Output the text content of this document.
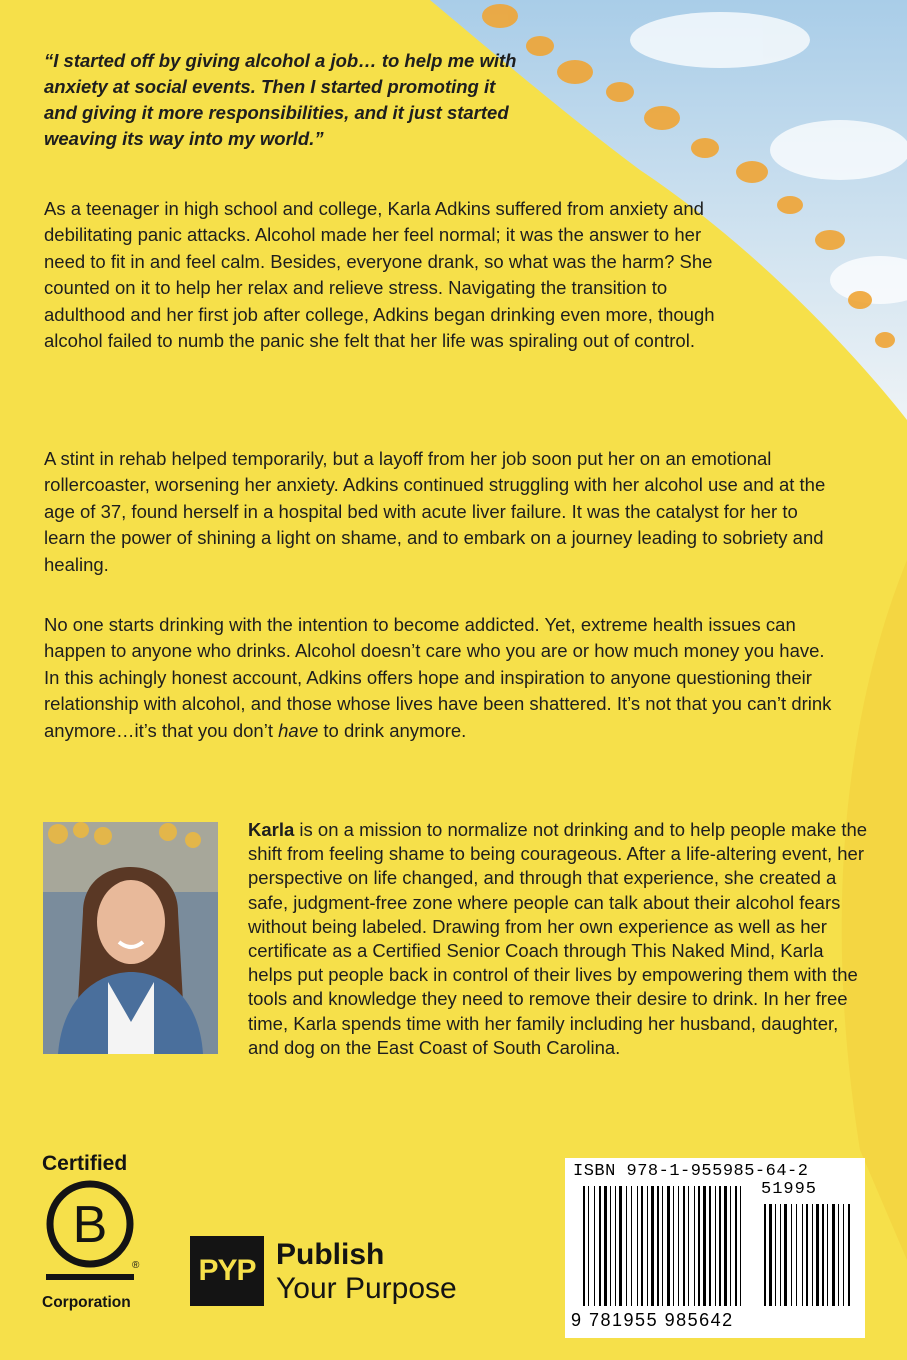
“I started off by giving alcohol a job… to help me with anxiety at social events. Then I started promoting it and giving it more responsibilities, and it just started weaving its way into my world.”

As a teenager in high school and college, Karla Adkins suffered from anxiety and debilitating panic attacks. Alcohol made her feel normal; it was the answer to her need to fit in and feel calm. Besides, everyone drank, so what was the harm? She counted on it to help her relax and relieve stress. Navigating the transition to adulthood and her first job after college, Adkins began drinking even more, though alcohol failed to numb the panic she felt that her life was spiraling out of control.

A stint in rehab helped temporarily, but a layoff from her job soon put her on an emotional rollercoaster, worsening her anxiety. Adkins continued struggling with her alcohol use and at the age of 37, found herself in a hospital bed with acute liver failure. It was the catalyst for her to learn the power of shining a light on shame, and to embark on a journey leading to sobriety and healing.

No one starts drinking with the intention to become addicted. Yet, extreme health issues can happen to anyone who drinks. Alcohol doesn’t care who you are or how much money you have. In this achingly honest account, Adkins offers hope and inspiration to anyone questioning their relationship with alcohol, and those whose lives have been shattered. It’s not that you can’t drink anymore…it’s that you don’t have to drink anymore.

Karla is on a mission to normalize not drinking and to help people make the shift from feeling shame to being courageous. After a life-altering event, her perspective on life changed, and through that experience, she created a safe, judgment-free zone where people can talk about their alcohol fears without being labeled. Drawing from her own experience as well as her certificate as a Certified Senior Coach through This Naked Mind, Karla helps put people back in control of their lives by empowering them with the tools and knowledge they need to remove their desire to drink. In her free time, Karla spends time with her family including her husband, daughter, and dog on the East Coast of South Carolina.

Certified
B
®
Corporation
PYP Publish
Your Purpose
ISBN 978-1-955985-64-2
51995
9 781955 985642
